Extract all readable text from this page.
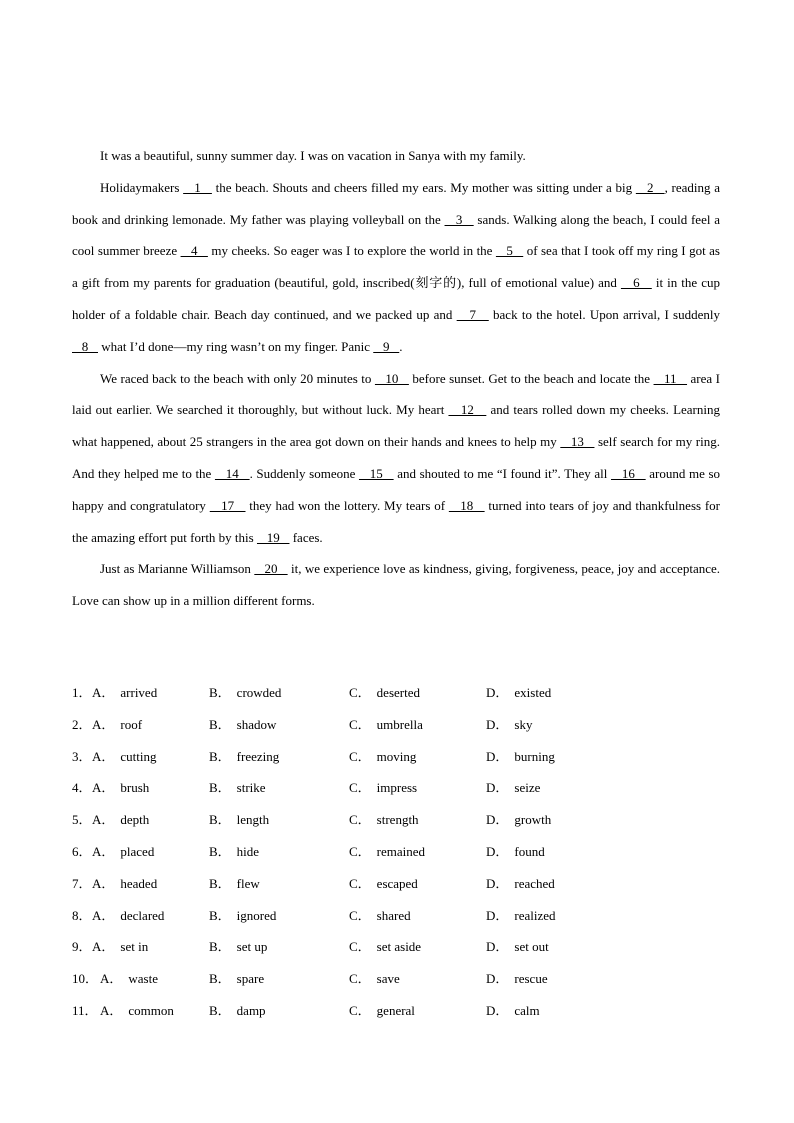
It was a beautiful, sunny summer day. I was on vacation in Sanya with my family.

Holidaymakers    1    the beach. Shouts and cheers filled my ears. My mother was sitting under a big    2   , reading a book and drinking lemonade. My father was playing volleyball on the    3    sands. Walking along the beach, I could feel a cool summer breeze    4    my cheeks. So eager was I to explore the world in the    5    of sea that I took off my ring I got as a gift from my parents for graduation (beautiful, gold, inscribed(刻字的), full of emotional value) and    6    it in the cup holder of a foldable chair. Beach day continued, and we packed up and    7    back to the hotel. Upon arrival, I suddenly    8    what I’d done—my ring wasn’t on my finger. Panic    9   .

We raced back to the beach with only 20 minutes to    10    before sunset. Get to the beach and locate the    11    area I laid out earlier. We searched it thoroughly, but without luck. My heart    12    and tears rolled down my cheeks. Learning what happened, about 25 strangers in the area got down on their hands and knees to help my    13    self search for my ring. And they helped me to the    14   . Suddenly someone    15    and shouted to me “I found it”. They all    16    around me so happy and congratulatory    17    they had won the lottery. My tears of    18    turned into tears of joy and thankfulness for the amazing effort put forth by this    19    faces.

Just as Marianne Williamson    20    it, we experience love as kindness, giving, forgiveness, peace, joy and acceptance. Love can show up in a million different forms.

1． A． arrived	B． crowded	C． deserted	D． existed
2． A． roof	B． shadow	C． umbrella	D． sky
3． A． cutting	B． freezing	C． moving	D． burning
4． A． brush	B． strike	C． impress	D． seize
5． A． depth	B． length	C． strength	D． growth
6． A． placed	B． hide	C． remained	D． found
7． A． headed	B． flew	C． escaped	D． reached
8． A． declared	B． ignored	C． shared	D． realized
9． A． set in	B． set up	C． set aside	D． set out
10． A． waste	B． spare	C． save	D． rescue
11． A． common	B． damp	C． general	D． calm
